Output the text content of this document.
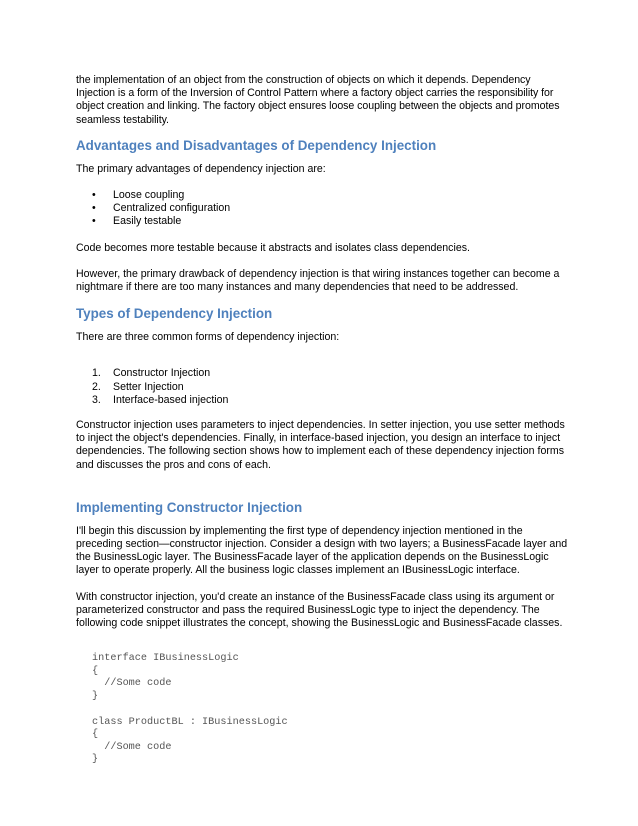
the implementation of an object from the construction of objects on which it depends. Dependency Injection is a form of the Inversion of Control Pattern where a factory object carries the responsibility for object creation and linking. The factory object ensures loose coupling between the objects and promotes seamless testability.

Advantages and Disadvantages of Dependency Injection

The primary advantages of dependency injection are:

• Loose coupling
• Centralized configuration
• Easily testable

Code becomes more testable because it abstracts and isolates class dependencies.

However, the primary drawback of dependency injection is that wiring instances together can become a nightmare if there are too many instances and many dependencies that need to be addressed.

Types of Dependency Injection

There are three common forms of dependency injection:

1. Constructor Injection
2. Setter Injection
3. Interface-based injection

Constructor injection uses parameters to inject dependencies. In setter injection, you use setter methods to inject the object's dependencies. Finally, in interface-based injection, you design an interface to inject dependencies. The following section shows how to implement each of these dependency injection forms and discusses the pros and cons of each.

Implementing Constructor Injection

I'll begin this discussion by implementing the first type of dependency injection mentioned in the preceding section—constructor injection. Consider a design with two layers; a BusinessFacade layer and the BusinessLogic layer. The BusinessFacade layer of the application depends on the BusinessLogic layer to operate properly. All the business logic classes implement an IBusinessLogic interface.

With constructor injection, you'd create an instance of the BusinessFacade class using its argument or parameterized constructor and pass the required BusinessLogic type to inject the dependency. The following code snippet illustrates the concept, showing the BusinessLogic and BusinessFacade classes.

interface IBusinessLogic
{
//Some code
}
class ProductBL : IBusinessLogic
{
//Some code
}
